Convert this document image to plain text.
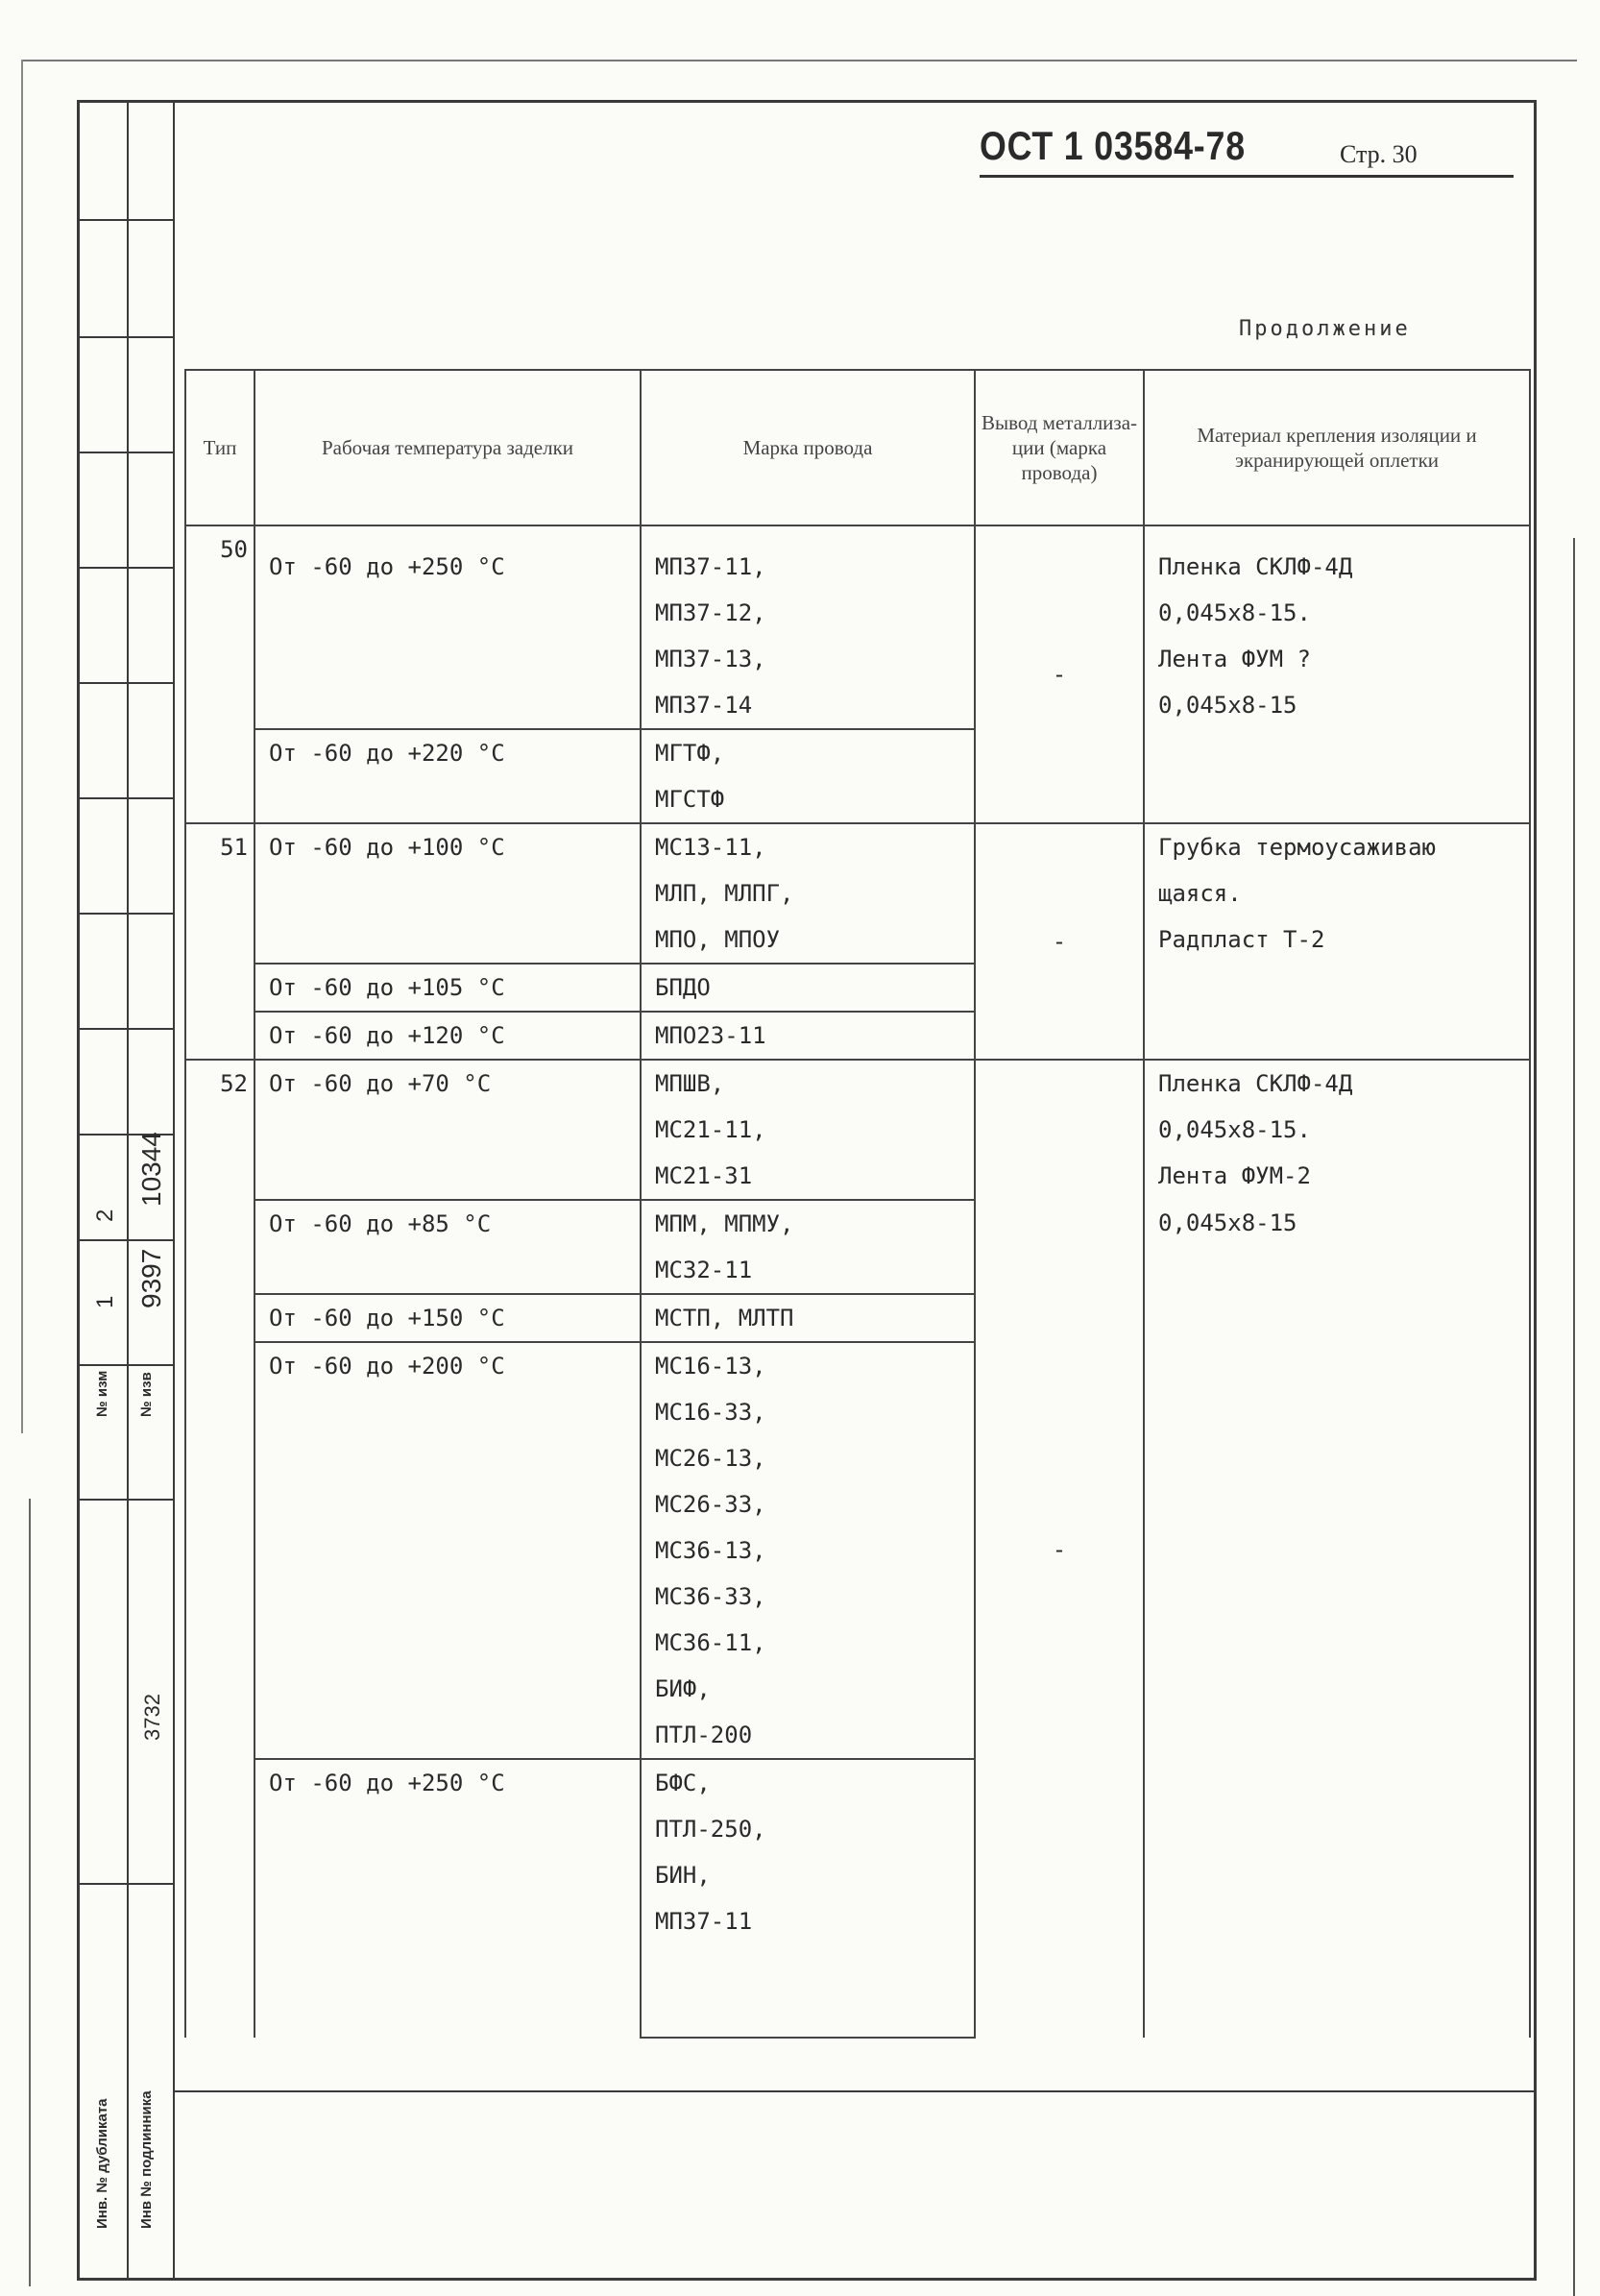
2
1
10344
9397
№ изм № изв
3732
Инв. № дубликата Инв № подлинника
ОСТ 1 03584-78	Стр. 30
Продолжение
Тип	Рабочая температура заделки	Марка провода	Вывод металлиза-ции (марка провода)	Материал крепления изоляции и экранирующей оплетки
50	От -60 до +250 °С	МП37-11,	-	Пленка СКЛФ-4Д
		МП37-12,		0,045х8-15.
		МП37-13,		Лента ФУМ ?
		МП37-14		0,045х8-15
	От -60 до +220 °С	МГТФ,		
		МГСТФ		
51	От -60 до +100 °С	МС13-11,	-	Грубка термоусаживаю
		МЛП, МЛПГ,		щаяся.
		МПО, МПОУ		Радпласт Т-2
	От -60 до +105 °С	БПДО		
	От -60 до +120 °С	МПО23-11		
52	От -60 до +70 °С	МПШВ,	-	Пленка СКЛФ-4Д
		МС21-11,		0,045х8-15.
		МС21-31		Лента ФУМ-2
	От -60 до +85 °С	МПМ, МПМУ,		0,045х8-15
		МС32-11		
	От -60 до +150 °С	МСТП, МЛТП		
	От -60 до +200 °С	МС16-13,		
		МС16-33,		
		МС26-13,		
		МС26-33,		
		МС36-13,		
		МС36-33,		
		МС36-11,		
		БИФ,		
		ПТЛ-200		
	От -60 до +250 °С	БФС,		
		ПТЛ-250,		
		БИН,		
		МП37-11		
